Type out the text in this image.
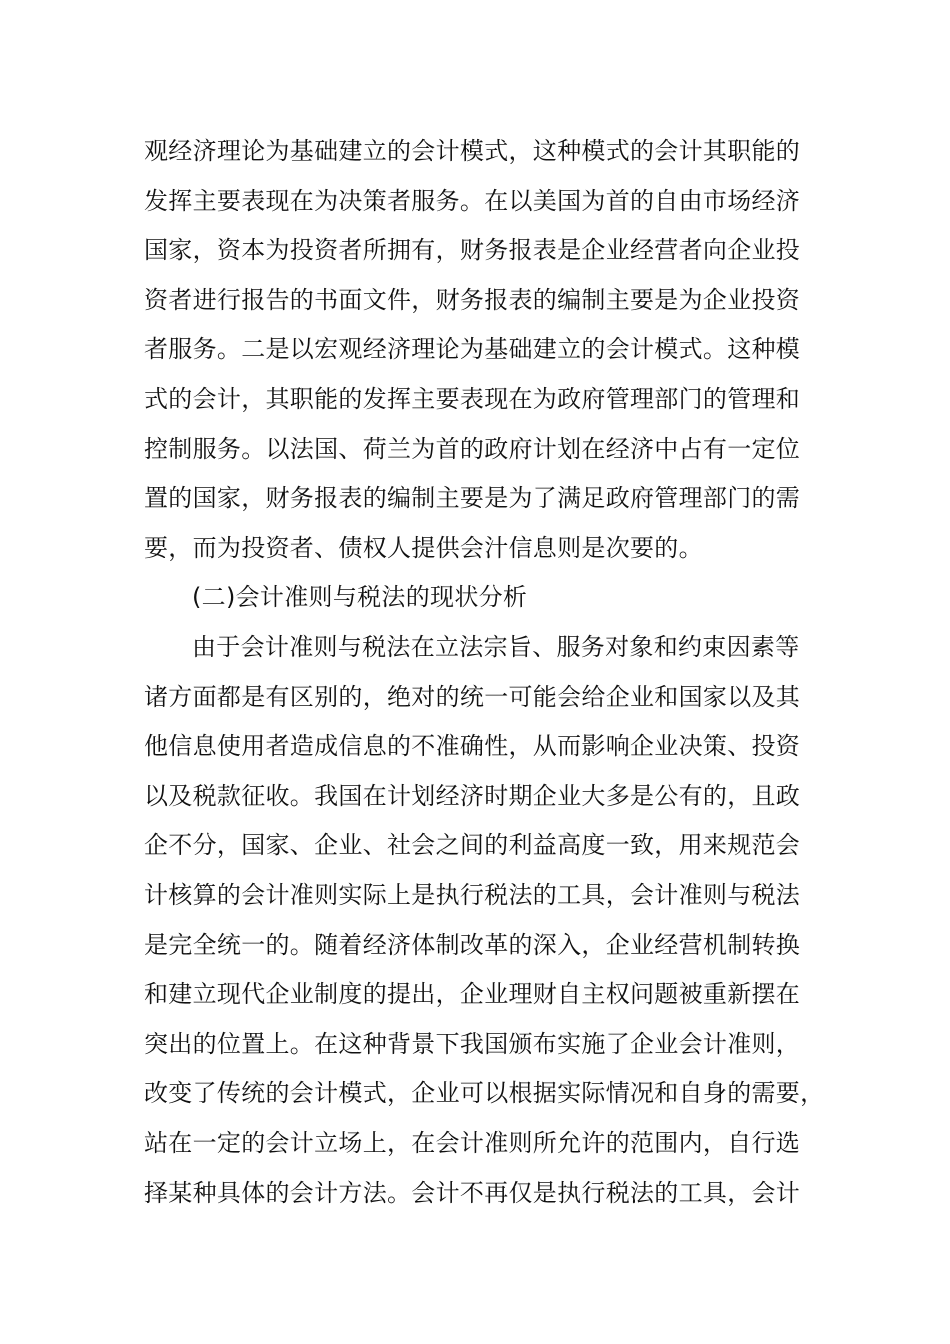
观经济理论为基础建立的会计模式，这种模式的会计其职能的
发挥主要表现在为决策者服务。在以美国为首的自由市场经济
国家，资本为投资者所拥有，财务报表是企业经营者向企业投
资者进行报告的书面文件，财务报表的编制主要是为企业投资
者服务。二是以宏观经济理论为基础建立的会计模式。这种模
式的会计，其职能的发挥主要表现在为政府管理部门的管理和
控制服务。以法国、荷兰为首的政府计划在经济中占有一定位
置的国家，财务报表的编制主要是为了满足政府管理部门的需
要，而为投资者、债权人提供会汁信息则是次要的。
(二)会计准则与税法的现状分析
由于会计准则与税法在立法宗旨、服务对象和约束因素等
诸方面都是有区别的，绝对的统一可能会给企业和国家以及其
他信息使用者造成信息的不准确性，从而影响企业决策、投资
以及税款征收。我国在计划经济时期企业大多是公有的，且政
企不分，国家、企业、社会之间的利益高度一致，用来规范会
计核算的会计准则实际上是执行税法的工具，会计准则与税法
是完全统一的。随着经济体制改革的深入，企业经营机制转换
和建立现代企业制度的提出，企业理财自主权问题被重新摆在
突出的位置上。在这种背景下我国颁布实施了企业会计准则，
改变了传统的会计模式，企业可以根据实际情况和自身的需要，
站在一定的会计立场上，在会计准则所允许的范围内，自行选
择某种具体的会计方法。会计不再仅是执行税法的工具，会计
